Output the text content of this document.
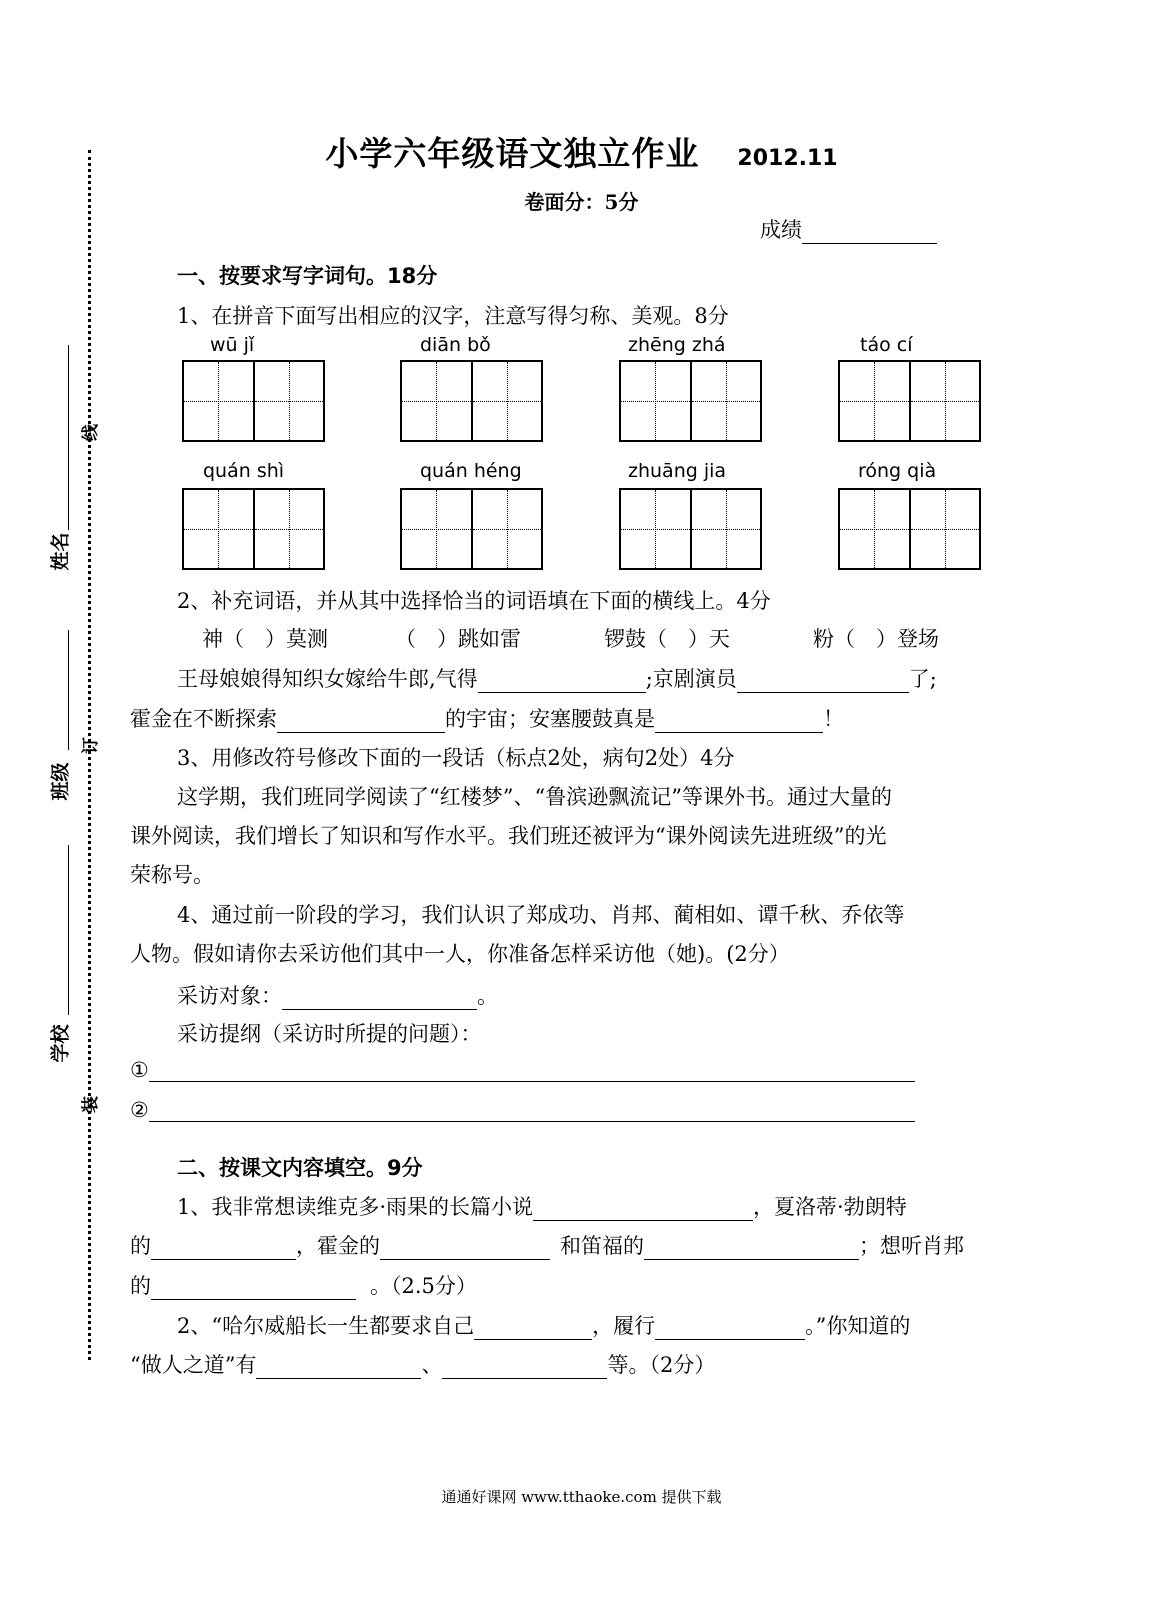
姓名
班级
学校
线
订
装
小学六年级语文独立作业 2012.11
卷面分：5分
成绩
一、按要求写字词句。18分
1、在拼音下面写出相应的汉字，注意写得匀称、美观。8分
wū jǐ	diān bǒ	zhēng zhá	táo cí
quán shì	quán héng	zhuāng jia	róng qià
2、补充词语，并从其中选择恰当的词语填在下面的横线上。4分
神（　）莫测	（　）跳如雷	锣鼓（　）天	粉（　）登场
王母娘娘得知织女嫁给牛郎,气得	;京剧演员	了;
霍金在不断探索	的宇宙；安塞腰鼓真是	！
3、用修改符号修改下面的一段话（标点2处，病句2处）4分
这学期，我们班同学阅读了“红楼梦”、“鲁滨逊飘流记”等课外书。通过大量的
课外阅读，我们增长了知识和写作水平。我们班还被评为“课外阅读先进班级”的光
荣称号。
4、通过前一阶段的学习，我们认识了郑成功、肖邦、蔺相如、谭千秋、乔依等
人物。假如请你去采访他们其中一人，你准备怎样采访他（她)。(2分）
采访对象：	。
采访提纲（采访时所提的问题）：
①
②
二、按课文内容填空。9分
1、我非常想读维克多·雨果的长篇小说	，夏洛蒂·勃朗特
的	，霍金的	和笛福的	；想听肖邦
的	。（2.5分）
2、“哈尔威船长一生都要求自己	，履行	。”你知道的
“做人之道”有	、	等。（2分）
通通好课网 www.tthaoke.com 提供下载
